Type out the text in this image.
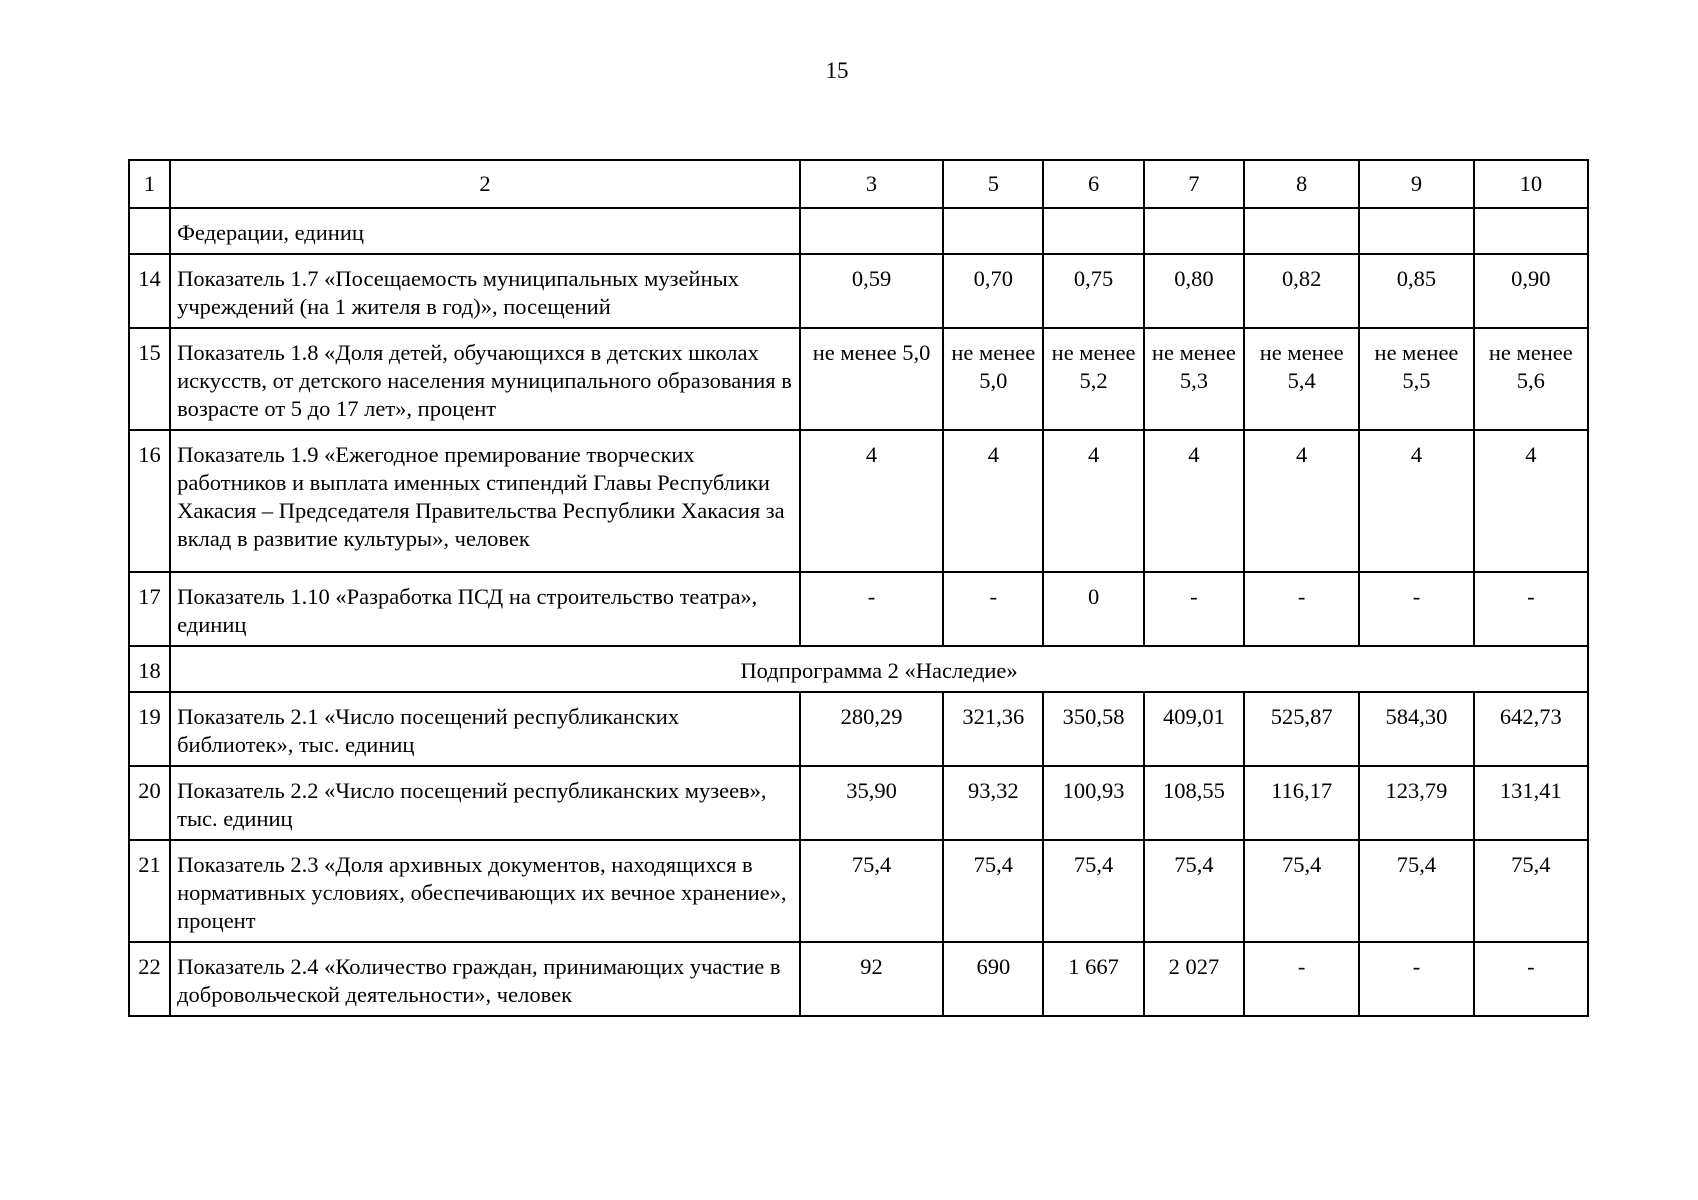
15
1	2	3	5	6	7	8	9	10
	Федерации, единиц							
14	Показатель 1.7 «Посещаемость муниципальных музейных учреждений (на 1 жителя в год)», посещений	0,59	0,70	0,75	0,80	0,82	0,85	0,90
15	Показатель 1.8 «Доля детей, обучающихся в детских школах искусств, от детского населения муниципального образования в возрасте от 5 до 17 лет», процент	не менее 5,0	не менее 5,0	не менее 5,2	не менее 5,3	не менее 5,4	не менее 5,5	не менее 5,6
16	Показатель 1.9 «Ежегодное премирование творческих работников и выплата именных стипендий Главы Республики Хакасия – Председателя Правительства Республики Хакасия за вклад в развитие культуры», человек	4	4	4	4	4	4	4
17	Показатель 1.10 «Разработка ПСД на строительство театра», единиц	-	-	0	-	-	-	-
18	Подпрограмма 2 «Наследие»							
19	Показатель 2.1 «Число посещений республиканских библиотек», тыс. единиц	280,29	321,36	350,58	409,01	525,87	584,30	642,73
20	Показатель 2.2 «Число посещений республиканских музеев», тыс. единиц	35,90	93,32	100,93	108,55	116,17	123,79	131,41
21	Показатель 2.3 «Доля архивных документов, находящихся в нормативных условиях, обеспечивающих их вечное хранение», процент	75,4	75,4	75,4	75,4	75,4	75,4	75,4
22	Показатель 2.4 «Количество граждан, принимающих участие в добровольческой деятельности», человек	92	690	1 667	2 027	-	-	-
